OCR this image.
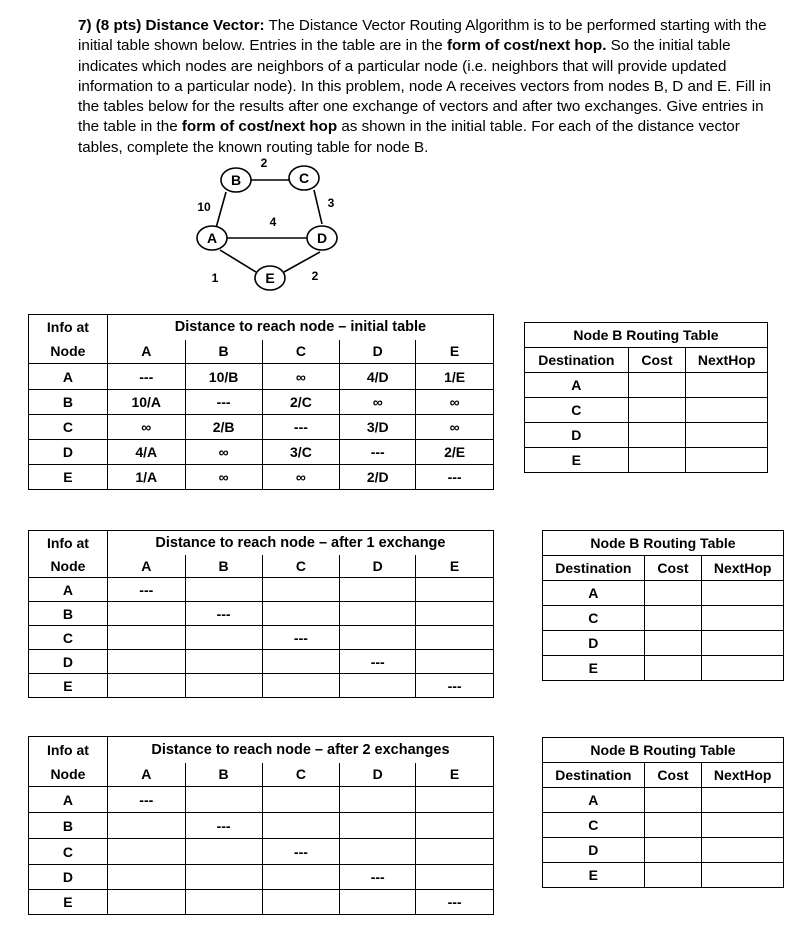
7) (8 pts) Distance Vector: The Distance Vector Routing Algorithm is to be performed starting with the initial table shown below. Entries in the table are in the form of cost/next hop. So the initial table indicates which nodes are neighbors of a particular node (i.e. neighbors that will provide updated information to a particular node). In this problem, node A receives vectors from nodes B, D and E. Fill in the tables below for the results after one exchange of vectors and after two exchanges. Give entries in the table in the form of cost/next hop as shown in the initial table. For each of the distance vector tables, complete the known routing table for node B.
B	C
A	D
E
10
2
3
4
1	2
Info at	Distance to reach node – initial table				
Node	A	B	C	D	E
A	---	10/B	∞	4/D	1/E
B	10/A	---	2/C	∞	∞
C	∞	2/B	---	3/D	∞
D	4/A	∞	3/C	---	2/E
E	1/A	∞	∞	2/D	---
Node B Routing Table		
Destination	Cost	NextHop
A		
C		
D		
E		
Info at	Distance to reach node – after 1 exchange				
Node	A	B	C	D	E
A	---				
B		---			
C			---		
D				---	
E					---
Node B Routing Table		
Destination	Cost	NextHop
A		
C		
D		
E		
Info at	Distance to reach node – after 2 exchanges				
Node	A	B	C	D	E
A	---				
B		---			
C			---		
D				---	
E					---
Node B Routing Table		
Destination	Cost	NextHop
A		
C		
D		
E		
